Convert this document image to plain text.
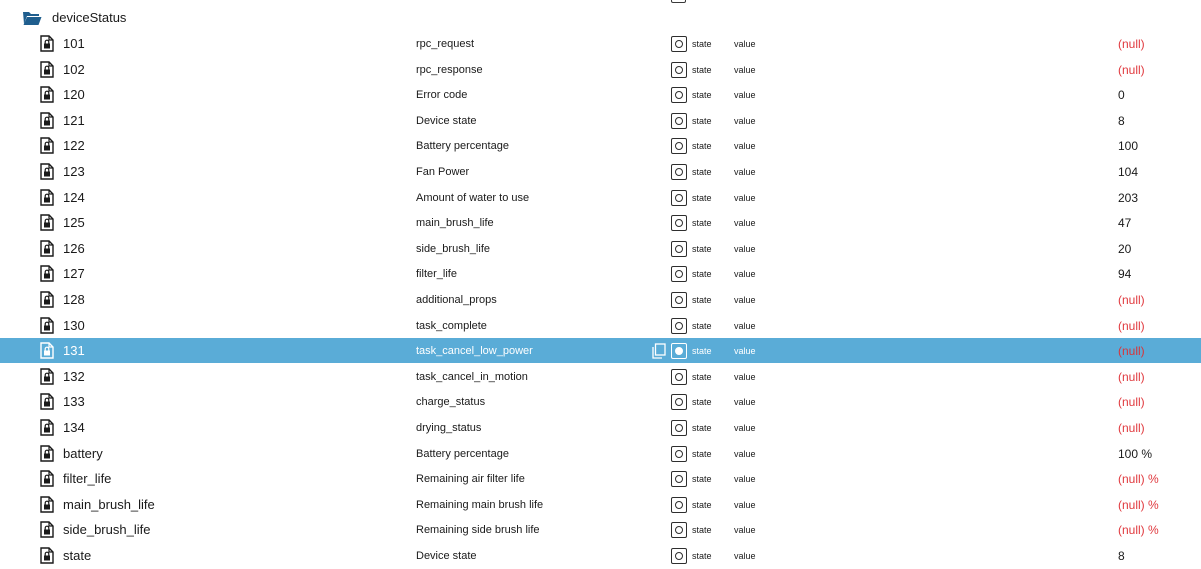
deviceStatus
101	rpc_request	state value	(null)
102	rpc_response	state value	(null)
120	Error code	state value	0
121	Device state	state value	8
122	Battery percentage	state value	100
123	Fan Power	state value	104
124	Amount of water to use	state value	203
125	main_brush_life	state value	47
126	side_brush_life	state value	20
127	filter_life	state value	94
128	additional_props	state value	(null)
130	task_complete	state value	(null)
131	task_cancel_low_power	state value	(null)
132	task_cancel_in_motion	state value	(null)
133	charge_status	state value	(null)
134	drying_status	state value	(null)
battery	Battery percentage	state value	100 %
filter_life	Remaining air filter life	state value	(null) %
main_brush_life	Remaining main brush life	state value	(null) %
side_brush_life	Remaining side brush life	state value	(null) %
state	Device state	state value	8
